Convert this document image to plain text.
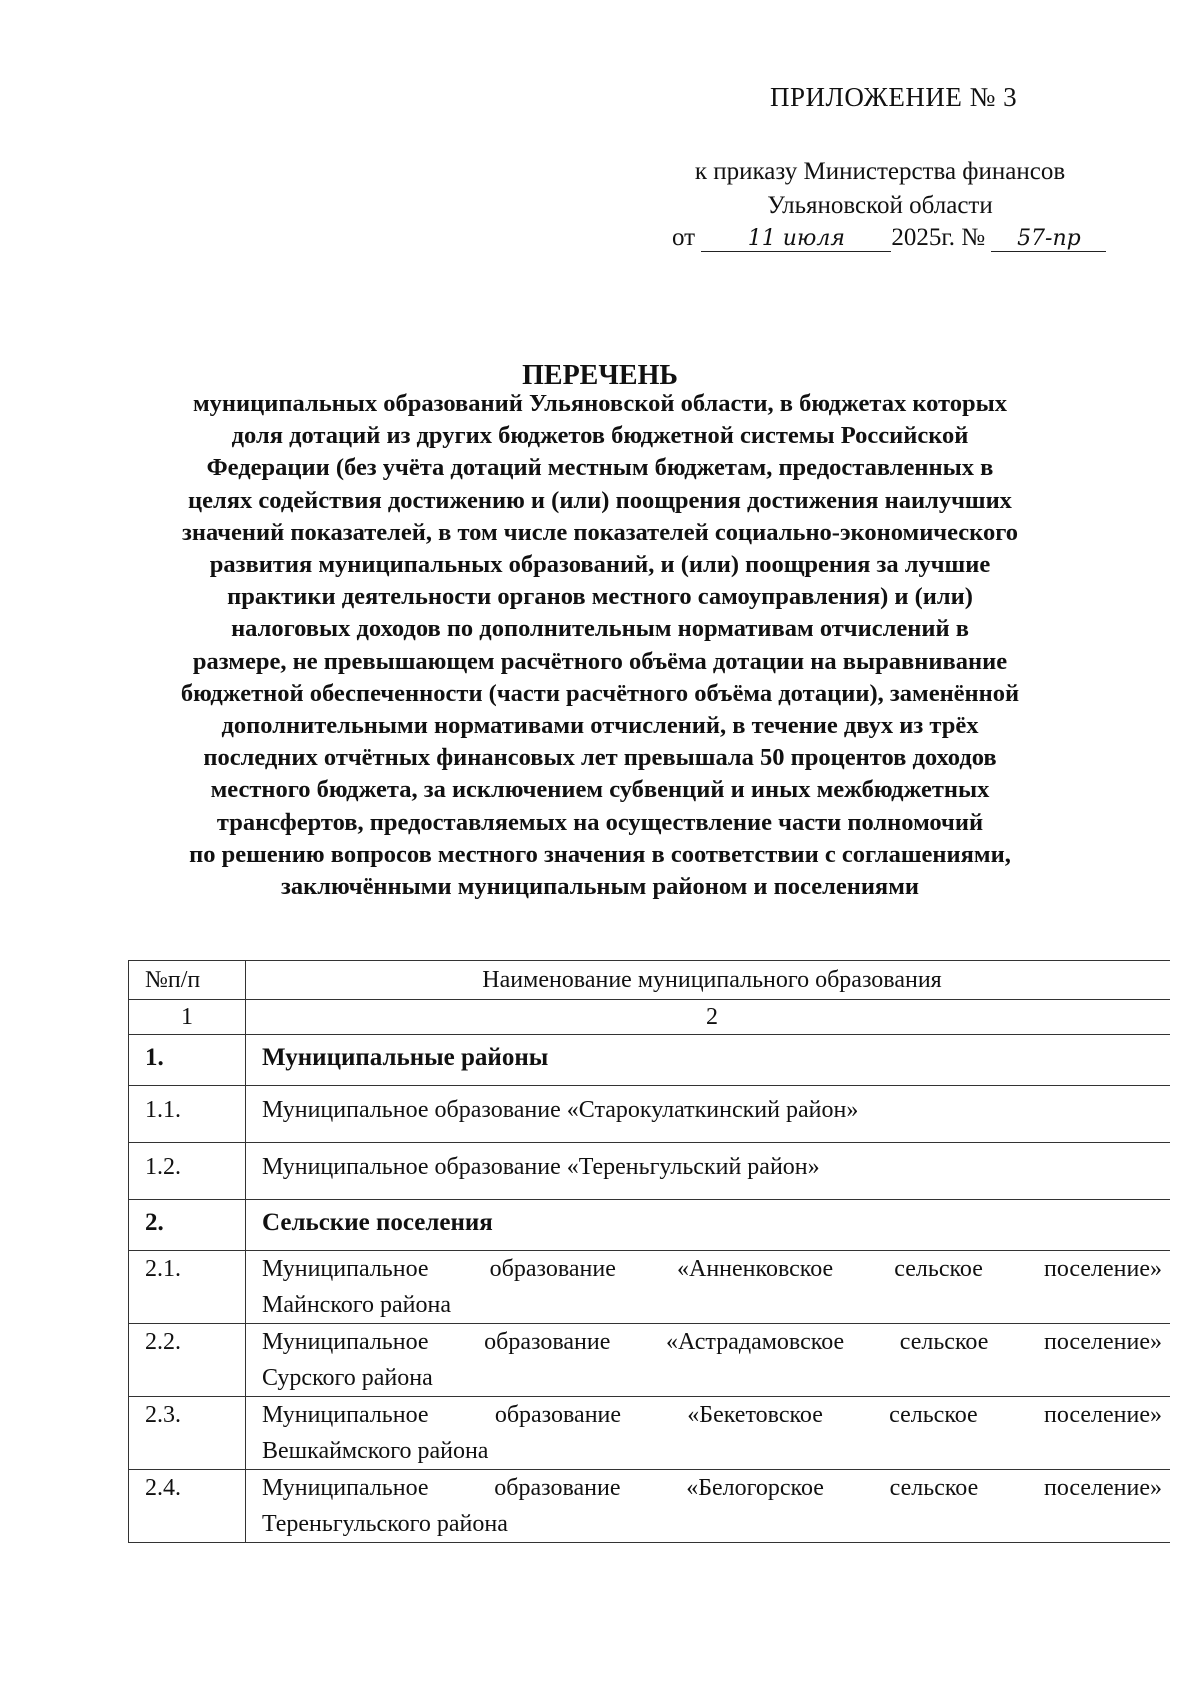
ПРИЛОЖЕНИЕ № 3
к приказу Министерства финансов
Ульяновской области
от 11 июля 2025г. № 57-пр
ПЕРЕЧЕНЬ
муниципальных образований Ульяновской области, в бюджетах которых
доля дотаций из других бюджетов бюджетной системы Российской
Федерации (без учёта дотаций местным бюджетам, предоставленных в
целях содействия достижению и (или) поощрения достижения наилучших
значений показателей, в том числе показателей социально-экономического
развития муниципальных образований, и (или) поощрения за лучшие
практики деятельности органов местного самоуправления) и (или)
налоговых доходов по дополнительным нормативам отчислений в
размере, не превышающем расчётного объёма дотации на выравнивание
бюджетной обеспеченности (части расчётного объёма дотации), заменённой
дополнительными нормативами отчислений, в течение двух из трёх
последних отчётных финансовых лет превышала 50 процентов доходов
местного бюджета, за исключением субвенций и иных межбюджетных
трансфертов, предоставляемых на осуществление части полномочий
по решению вопросов местного значения в соответствии с соглашениями,
заключёнными муниципальным районом и поселениями
№п/п	Наименование муниципального образования
1	2
1.	Муниципальные районы
1.1.	Муниципальное образование «Старокулаткинский район»
1.2.	Муниципальное образование «Тереньгульский район»
2.	Сельские поселения
2.1.	Муниципальное образование «Анненковское сельское поселение»
Майнского района

2.2.	Муниципальное образование «Астрадамовское сельское поселение»
Сурского района

2.3.	Муниципальное образование «Бекетовское сельское поселение»
Вешкаймского района

2.4.	Муниципальное образование «Белогорское сельское поселение»
Тереньгульского района
